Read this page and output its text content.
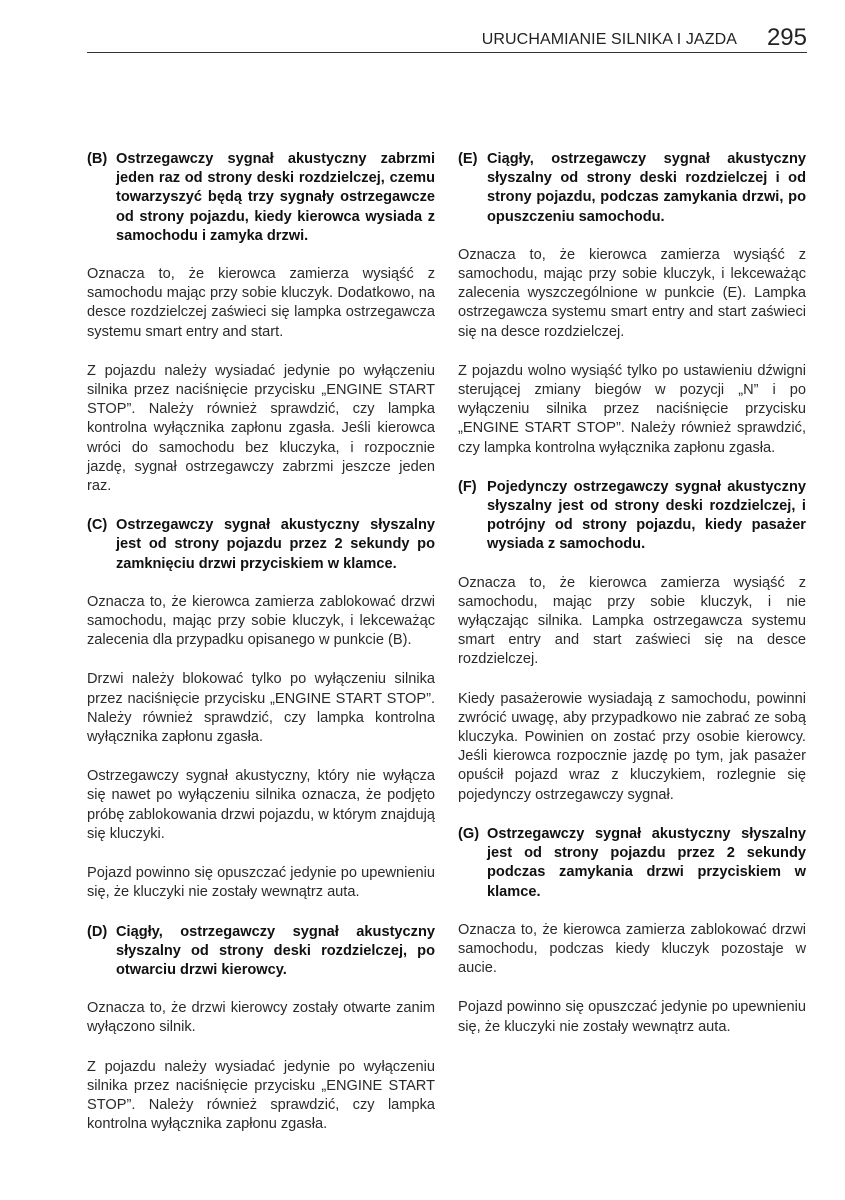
URUCHAMIANIE SILNIKA I JAZDA 295
(B) Ostrzegawczy sygnał akustyczny zabrzmi jeden raz od strony deski rozdzielczej, czemu towarzyszyć będą trzy sygnały ostrzegawcze od strony pojazdu, kiedy kierowca wysiada z samochodu i zamyka drzwi.

Oznacza to, że kierowca zamierza wysiąść z samochodu mając przy sobie kluczyk. Dodatkowo, na desce rozdzielczej zaświeci się lampka ostrzegawcza systemu smart entry and start.

Z pojazdu należy wysiadać jedynie po wyłączeniu silnika przez naciśnięcie przycisku „ENGINE START STOP”. Należy również sprawdzić, czy lampka kontrolna wyłącznika zapłonu zgasła. Jeśli kierowca wróci do samochodu bez kluczyka, i rozpocznie jazdę, sygnał ostrzegawczy zabrzmi jeszcze jeden raz.

(C) Ostrzegawczy sygnał akustyczny słyszalny jest od strony pojazdu przez 2 sekundy po zamknięciu drzwi przyciskiem w klamce.

Oznacza to, że kierowca zamierza zablokować drzwi samochodu, mając przy sobie kluczyk, i lekceważąc zalecenia dla przypadku opisanego w punkcie (B).

Drzwi należy blokować tylko po wyłączeniu silnika przez naciśnięcie przycisku „ENGINE START STOP”. Należy również sprawdzić, czy lampka kontrolna wyłącznika zapłonu zgasła.

Ostrzegawczy sygnał akustyczny, który nie wyłącza się nawet po wyłączeniu silnika oznacza, że podjęto próbę zablokowania drzwi pojazdu, w którym znajdują się kluczyki.

Pojazd powinno się opuszczać jedynie po upewnieniu się, że kluczyki nie zostały wewnątrz auta.

(D) Ciągły, ostrzegawczy sygnał akustyczny słyszalny od strony deski rozdzielczej, po otwarciu drzwi kierowcy.

Oznacza to, że drzwi kierowcy zostały otwarte zanim wyłączono silnik.

Z pojazdu należy wysiadać jedynie po wyłączeniu silnika przez naciśnięcie przycisku „ENGINE START STOP”. Należy również sprawdzić, czy lampka kontrolna wyłącznika zapłonu zgasła.

(E) Ciągły, ostrzegawczy sygnał akustyczny słyszalny od strony deski rozdzielczej i od strony pojazdu, podczas zamykania drzwi, po opuszczeniu samochodu.

Oznacza to, że kierowca zamierza wysiąść z samochodu, mając przy sobie kluczyk, i lekceważąc zalecenia wyszczególnione w punkcie (E). Lampka ostrzegawcza systemu smart entry and start zaświeci się na desce rozdzielczej.

Z pojazdu wolno wysiąść tylko po ustawieniu dźwigni sterującej zmiany biegów w pozycji „N” i po wyłączeniu silnika przez naciśnięcie przycisku „ENGINE START STOP”. Należy również sprawdzić, czy lampka kontrolna wyłącznika zapłonu zgasła.

(F) Pojedynczy ostrzegawczy sygnał akustyczny słyszalny jest od strony deski rozdzielczej, i potrójny od strony pojazdu, kiedy pasażer wysiada z samochodu.

Oznacza to, że kierowca zamierza wysiąść z samochodu, mając przy sobie kluczyk, i nie wyłączając silnika. Lampka ostrzegawcza systemu smart entry and start zaświeci się na desce rozdzielczej.

Kiedy pasażerowie wysiadają z samochodu, powinni zwrócić uwagę, aby przypadkowo nie zabrać ze sobą kluczyka. Powinien on zostać przy osobie kierowcy. Jeśli kierowca rozpocznie jazdę po tym, jak pasażer opuścił pojazd wraz z kluczykiem, rozlegnie się pojedynczy ostrzegawczy sygnał.

(G) Ostrzegawczy sygnał akustyczny słyszalny jest od strony pojazdu przez 2 sekundy podczas zamykania drzwi przyciskiem w klamce.

Oznacza to, że kierowca zamierza zablokować drzwi samochodu, podczas kiedy kluczyk pozostaje w aucie.

Pojazd powinno się opuszczać jedynie po upewnieniu się, że kluczyki nie zostały wewnątrz auta.
